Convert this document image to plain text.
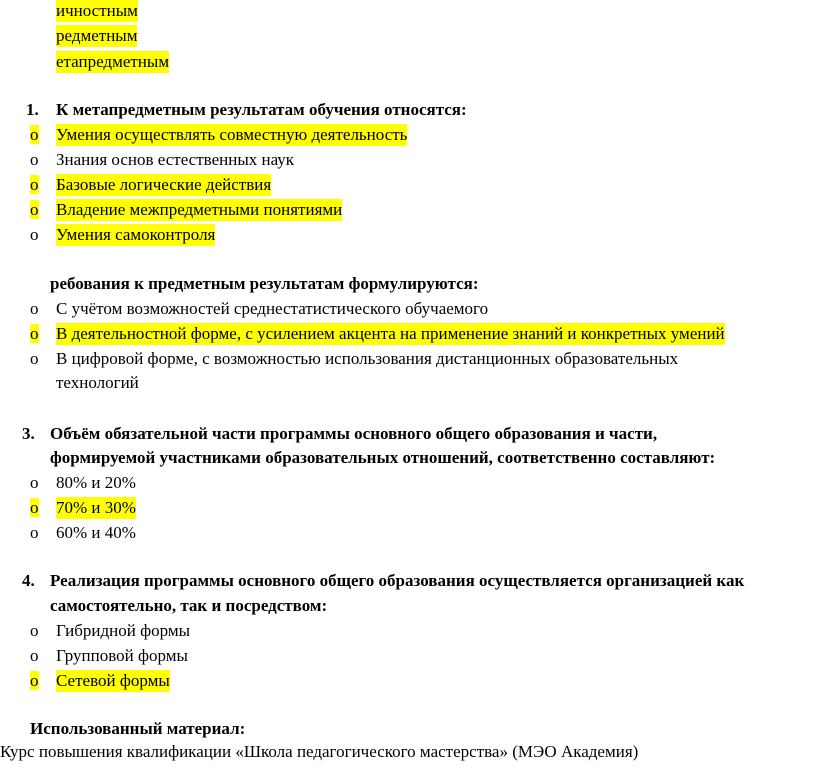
ичностным
редметным
етапредметным
1. К метапредметным результатам обучения относятся:
o Умения осуществлять совместную деятельность
o Знания основ естественных наук
o Базовые логические действия
o Владение межпредметными понятиями
o Умения самоконтроля
ребования к предметным результатам формулируются:
o С учётом возможностей среднестатистического обучаемого
o В деятельностной форме, с усилением акцента на применение знаний и конкретных умений
o В цифровой форме, с возможностью использования дистанционных образовательных
технологий
3. Объём обязательной части программы основного общего образования и части,
формируемой участниками образовательных отношений, соответственно составляют:
o 80% и 20%
o 70% и 30%
o 60% и 40%
4. Реализация программы основного общего образования осуществляется организацией как
самостоятельно, так и посредством:
o Гибридной формы
o Групповой формы
o Сетевой формы
Использованный материал:
Курс повышения квалификации «Школа педагогического мастерства» (МЭО Академия)
